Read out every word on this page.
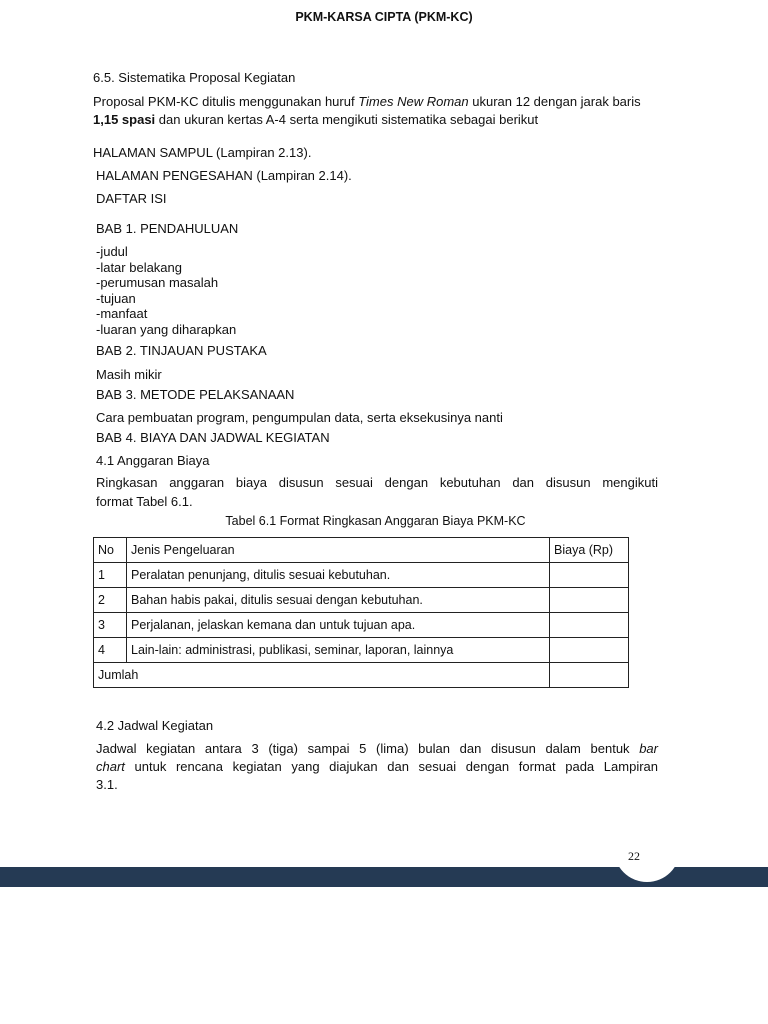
PKM-KARSA CIPTA (PKM-KC)
6.5. Sistematika Proposal Kegiatan
Proposal PKM-KC ditulis menggunakan huruf Times New Roman ukuran 12 dengan jarak baris 1,15 spasi dan ukuran kertas A-4 serta mengikuti sistematika sebagai berikut
HALAMAN SAMPUL (Lampiran 2.13).
HALAMAN PENGESAHAN (Lampiran 2.14).
DAFTAR ISI
BAB 1. PENDAHULUAN
-judul
-latar belakang
-perumusan masalah
-tujuan
-manfaat
-luaran yang diharapkan
BAB 2. TINJAUAN PUSTAKA
Masih mikir
BAB 3. METODE PELAKSANAAN
Cara pembuatan program, pengumpulan data, serta eksekusinya nanti
BAB 4. BIAYA DAN JADWAL KEGIATAN
4.1 Anggaran Biaya
Ringkasan anggaran biaya disusun sesuai dengan kebutuhan dan disusun mengikuti
format Tabel 6.1.
Tabel 6.1 Format Ringkasan Anggaran Biaya PKM-KC
No	Jenis Pengeluaran	Biaya (Rp)
1	Peralatan penunjang, ditulis sesuai kebutuhan.	
2	Bahan habis pakai, ditulis sesuai dengan kebutuhan.	
3	Perjalanan, jelaskan kemana dan untuk tujuan apa.	
4	Lain-lain: administrasi, publikasi, seminar, laporan, lainnya	
Jumlah		
4.2 Jadwal Kegiatan
Jadwal kegiatan antara 3 (tiga) sampai 5 (lima) bulan dan disusun dalam bentuk bar
chart untuk rencana kegiatan yang diajukan dan sesuai dengan format pada Lampiran
3.1.
22
